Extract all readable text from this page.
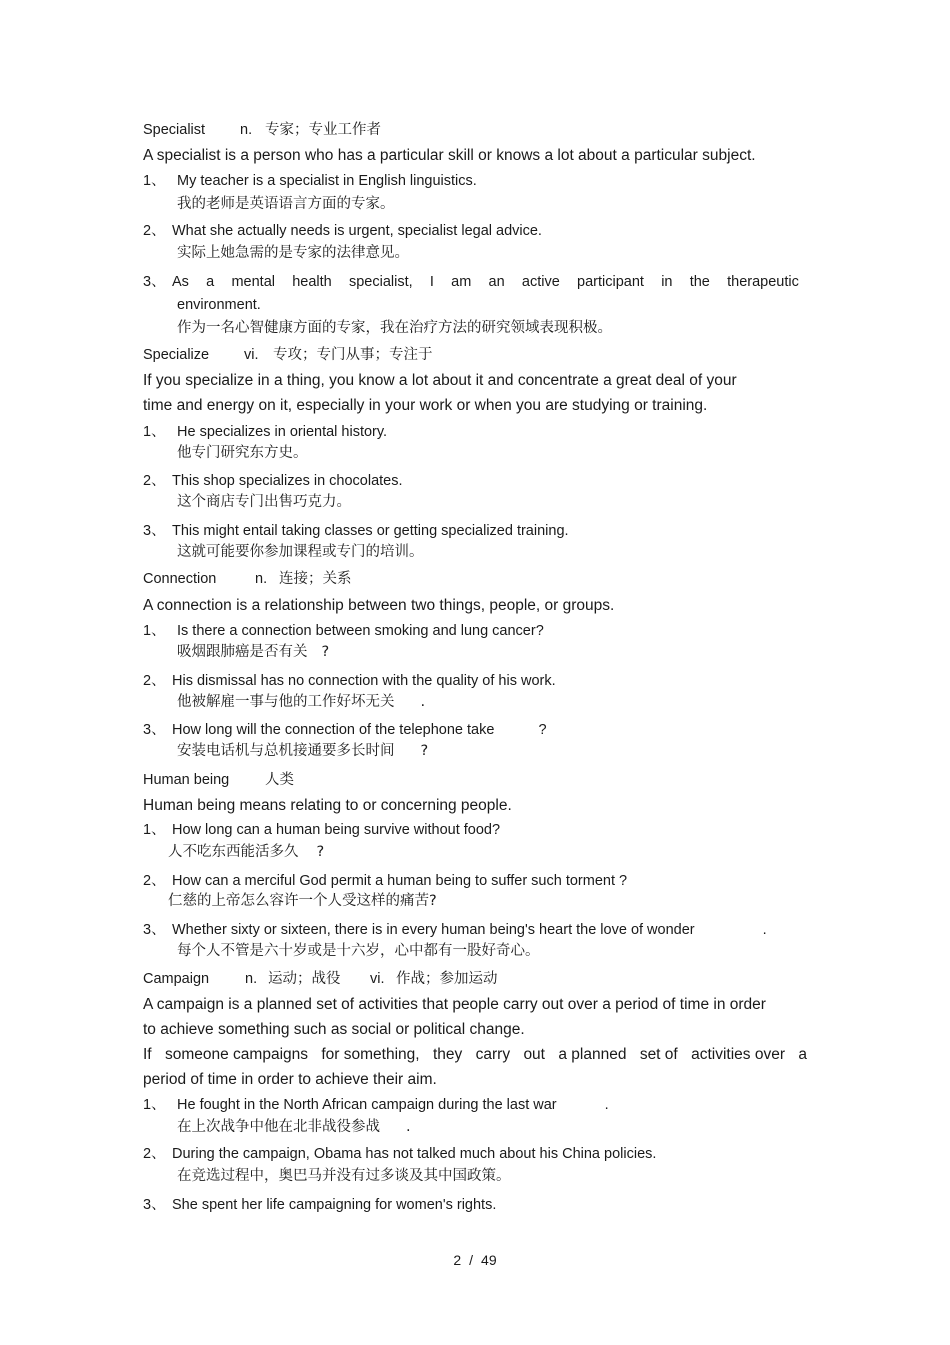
Specialist n. 专家；专业工作者
A specialist is a person who has a particular skill or knows a lot about a particular subject.
1、 My teacher is a specialist in English linguistics.
我的老师是英语语言方面的专家。
2、 What she actually needs is urgent, specialist legal advice.
实际上她急需的是专家的法律意见。
3、 As a mental health specialist, I am an active participant in the therapeutic
environment.
作为一名心智健康方面的专家，我在治疗方法的研究领域表现积极。
Specialize vi. 专攻；专门从事；专注于
If you specialize in a thing, you know a lot about it and concentrate a great deal of your
time and energy on it, especially in your work or when you are studying or training.
1、 He specializes in oriental history.
他专门研究东方史。
2、 This shop specializes in chocolates.
这个商店专门出售巧克力。
3、 This might entail taking classes or getting specialized training.
这就可能要你参加课程或专门的培训。
Connection	n. 连接；关系
A connection is a relationship between two things, people, or groups.
1、 Is there a connection between smoking and lung cancer?
吸烟跟肺癌是否有关 ?
2、 His dismissal has no connection with the quality of his work.
他被解雇一事与他的工作好坏无关 .
3、 How long will the connection of the telephone take	?
安装电话机与总机接通要多长时间 ?
Human being 人类
Human being means relating to or concerning people.
1、 How long can a human being survive without food?
人不吃东西能活多久 ?
2、 How can a merciful God permit a human being to suffer such torment ?
仁慈的上帝怎么容许一个人受这样的痛苦?
3、 Whether sixty or sixteen, there is in every human being's heart the love of wonder	.
每个人不管是六十岁或是十六岁，心中都有一股好奇心。
Campaign n. 运动；战役 vi. 作战；参加运动
A campaign is a planned set of activities that people carry out over a period of time in order
to achieve something such as social or political change.
If someone campaigns for something, they carry out a planned set of activities over a
period of time in order to achieve their aim.
1、 He fought in the North African campaign during the last war	.
在上次战争中他在北非战役参战 .
2、 During the campaign, Obama has not talked much about his China policies.
在竞选过程中，奥巴马并没有过多谈及其中国政策。
3、 She spent her life campaigning for women's rights.
2 / 49
